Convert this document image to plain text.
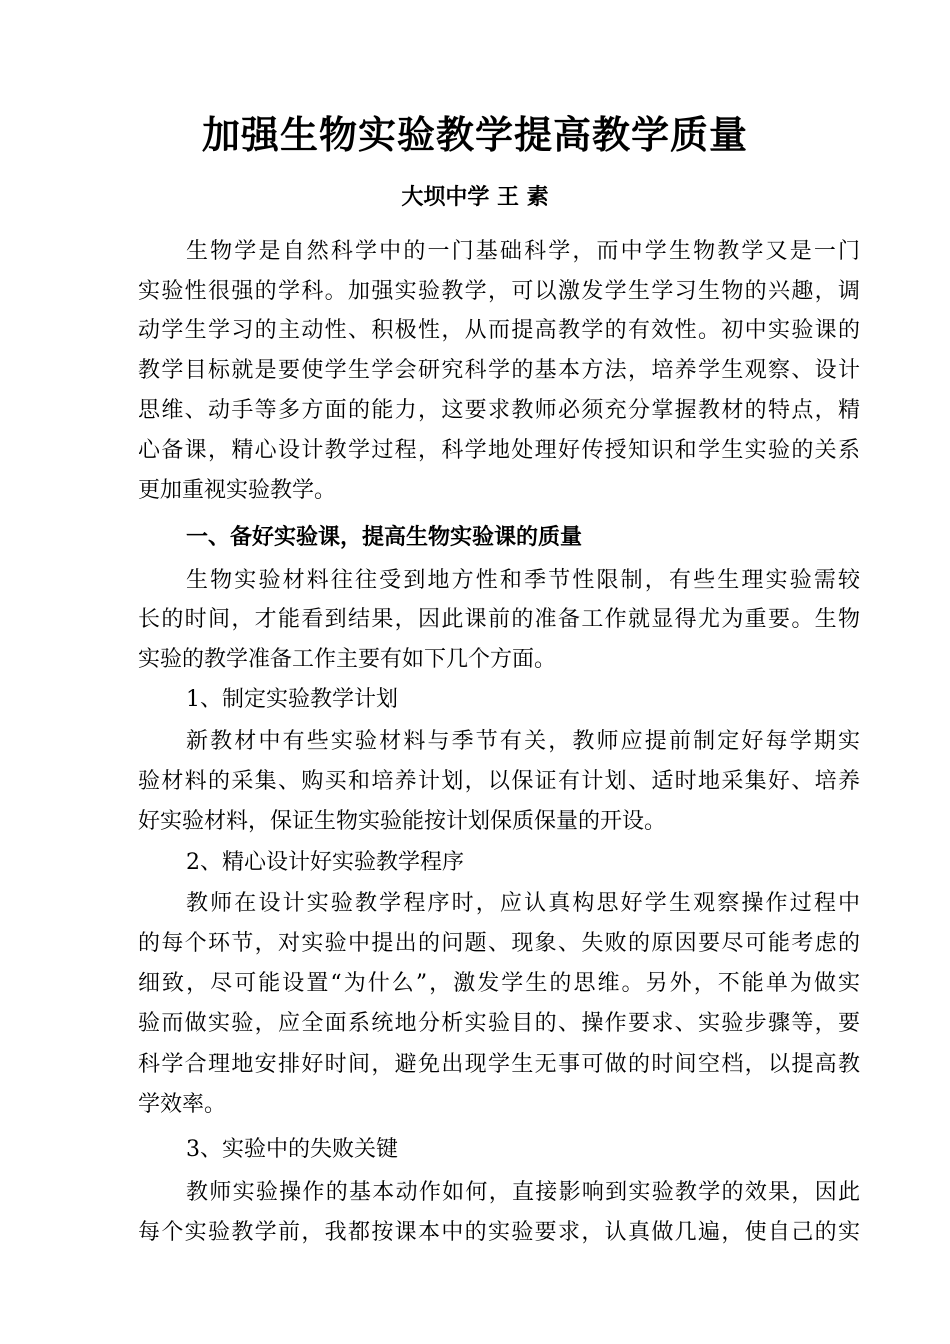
加强生物实验教学提高教学质量
大坝中学 王 素
生物学是自然科学中的一门基础科学，而中学生物教学又是一门
实验性很强的学科。加强实验教学，可以激发学生学习生物的兴趣，调
动学生学习的主动性、积极性，从而提高教学的有效性。初中实验课的
教学目标就是要使学生学会研究科学的基本方法，培养学生观察、设计
思维、动手等多方面的能力，这要求教师必须充分掌握教材的特点，精
心备课，精心设计教学过程，科学地处理好传授知识和学生实验的关系
更加重视实验教学。
一、备好实验课，提高生物实验课的质量
生物实验材料往往受到地方性和季节性限制，有些生理实验需较
长的时间，才能看到结果，因此课前的准备工作就显得尤为重要。生物
实验的教学准备工作主要有如下几个方面。
1、制定实验教学计划
新教材中有些实验材料与季节有关，教师应提前制定好每学期实
验材料的采集、购买和培养计划，以保证有计划、适时地采集好、培养
好实验材料，保证生物实验能按计划保质保量的开设。
2、精心设计好实验教学程序
教师在设计实验教学程序时，应认真构思好学生观察操作过程中
的每个环节，对实验中提出的问题、现象、失败的原因要尽可能考虑的
细致，尽可能设置“为什么”，激发学生的思维。另外，不能单为做实
验而做实验，应全面系统地分析实验目的、操作要求、实验步骤等，要
科学合理地安排好时间，避免出现学生无事可做的时间空档，以提高教
学效率。
3、实验中的失败关键
教师实验操作的基本动作如何，直接影响到实验教学的效果，因此
每个实验教学前，我都按课本中的实验要求，认真做几遍，使自己的实
